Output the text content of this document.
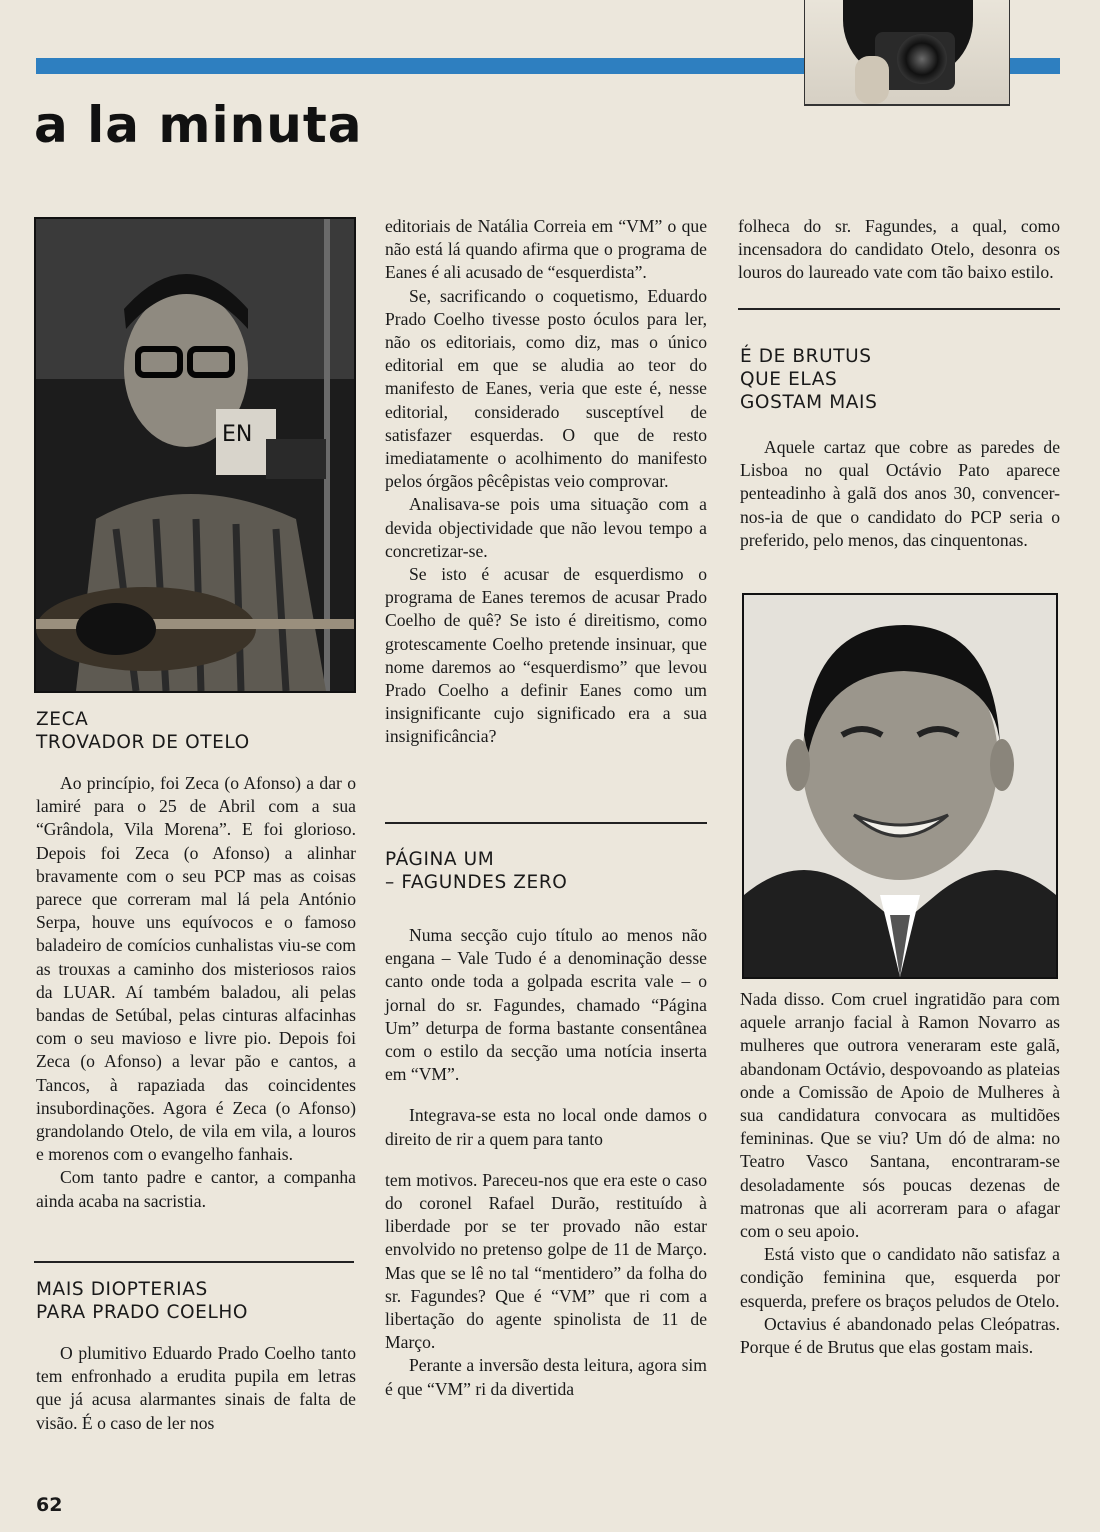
a la minuta
EN
ZECA
TROVADOR DE OTELO

Ao princípio, foi Zeca (o Afonso) a dar o lamiré para o 25 de Abril com a sua “Grândola, Vila Morena”. E foi glorioso. Depois foi Zeca (o Afonso) a alinhar bravamente com o seu PCP mas as coisas parece que correram mal lá pela António Serpa, houve uns equívocos e o famoso baladeiro de comícios cunhalistas viu-se com as trouxas a caminho dos misteriosos raios da LUAR. Aí também baladou, ali pelas bandas de Setúbal, pelas cinturas alfacinhas com o seu mavioso e livre pio. Depois foi Zeca (o Afonso) a levar pão e cantos, a Tancos, à rapaziada das coincidentes insubordinações. Agora é Zeca (o Afonso) grandolando Otelo, de vila em vila, a louros e morenos com o evangelho fanhais.

Com tanto padre e cantor, a companha ainda acaba na sacristia.

MAIS DIOPTERIAS
PARA PRADO COELHO

O plumitivo Eduardo Prado Coelho tanto tem enfronhado a erudita pupila em letras que já acusa alarmantes sinais de falta de visão. É o caso de ler nos

editoriais de Natália Correia em “VM” o que não está lá quando afirma que o programa de Eanes é ali acusado de “esquerdista”.

Se, sacrificando o coquetismo, Eduardo Prado Coelho tivesse posto óculos para ler, não os editoriais, como diz, mas o único editorial em que se aludia ao teor do manifesto de Eanes, veria que este é, nesse editorial, considerado susceptível de satisfazer esquerdas. O que de resto imediatamente o acolhimento do manifesto pelos órgãos pêcêpistas veio comprovar.

Analisava-se pois uma situação com a devida objectividade que não levou tempo a concretizar-se.

Se isto é acusar de esquerdismo o programa de Eanes teremos de acusar Prado Coelho de quê? Se isto é direitismo, como grotescamente Coelho pretende insinuar, que nome daremos ao “esquerdismo” que levou Prado Coelho a definir Eanes como um insignificante cujo significado era a sua insignificância?

PÁGINA UM
– FAGUNDES ZERO

Numa secção cujo título ao menos não engana – Vale Tudo é a denominação desse canto onde toda a golpada escrita vale – o jornal do sr. Fagundes, chamado “Página Um” deturpa de forma bastante consentânea com o estilo da secção uma notícia inserta em “VM”.

Integrava-se esta no local onde damos o direito de rir a quem para tanto

tem motivos. Pareceu-nos que era este o caso do coronel Rafael Durão, restituído à liberdade por se ter provado não estar envolvido no pretenso golpe de 11 de Março. Mas que se lê no tal “mentidero” da folha do sr. Fagundes? Que é “VM” que ri com a libertação do agente spinolista de 11 de Março.

Perante a inversão desta leitura, agora sim é que “VM” ri da divertida

folheca do sr. Fagundes, a qual, como incensadora do candidato Otelo, desonra os louros do laureado vate com tão baixo estilo.

É DE BRUTUS
QUE ELAS
GOSTAM MAIS

Aquele cartaz que cobre as paredes de Lisboa no qual Octávio Pato aparece penteadinho à galã dos anos 30, convencer-nos-ia de que o candidato do PCP seria o preferido, pelo menos, das cinquentonas.

Nada disso. Com cruel ingratidão para com aquele arranjo facial à Ramon Novarro as mulheres que outrora veneraram este galã, abandonam Octávio, despovoando as plateias onde a Comissão de Apoio de Mulheres à sua candidatura convocara as multidões femininas. Que se viu? Um dó de alma: no Teatro Vasco Santana, encontraram-se desoladamente sós poucas dezenas de matronas que ali acorreram para o afagar com o seu apoio.

Está visto que o candidato não satisfaz a condição feminina que, esquerda por esquerda, prefere os braços peludos de Otelo.

Octavius é abandonado pelas Cleópatras. Porque é de Brutus que elas gostam mais.

62
